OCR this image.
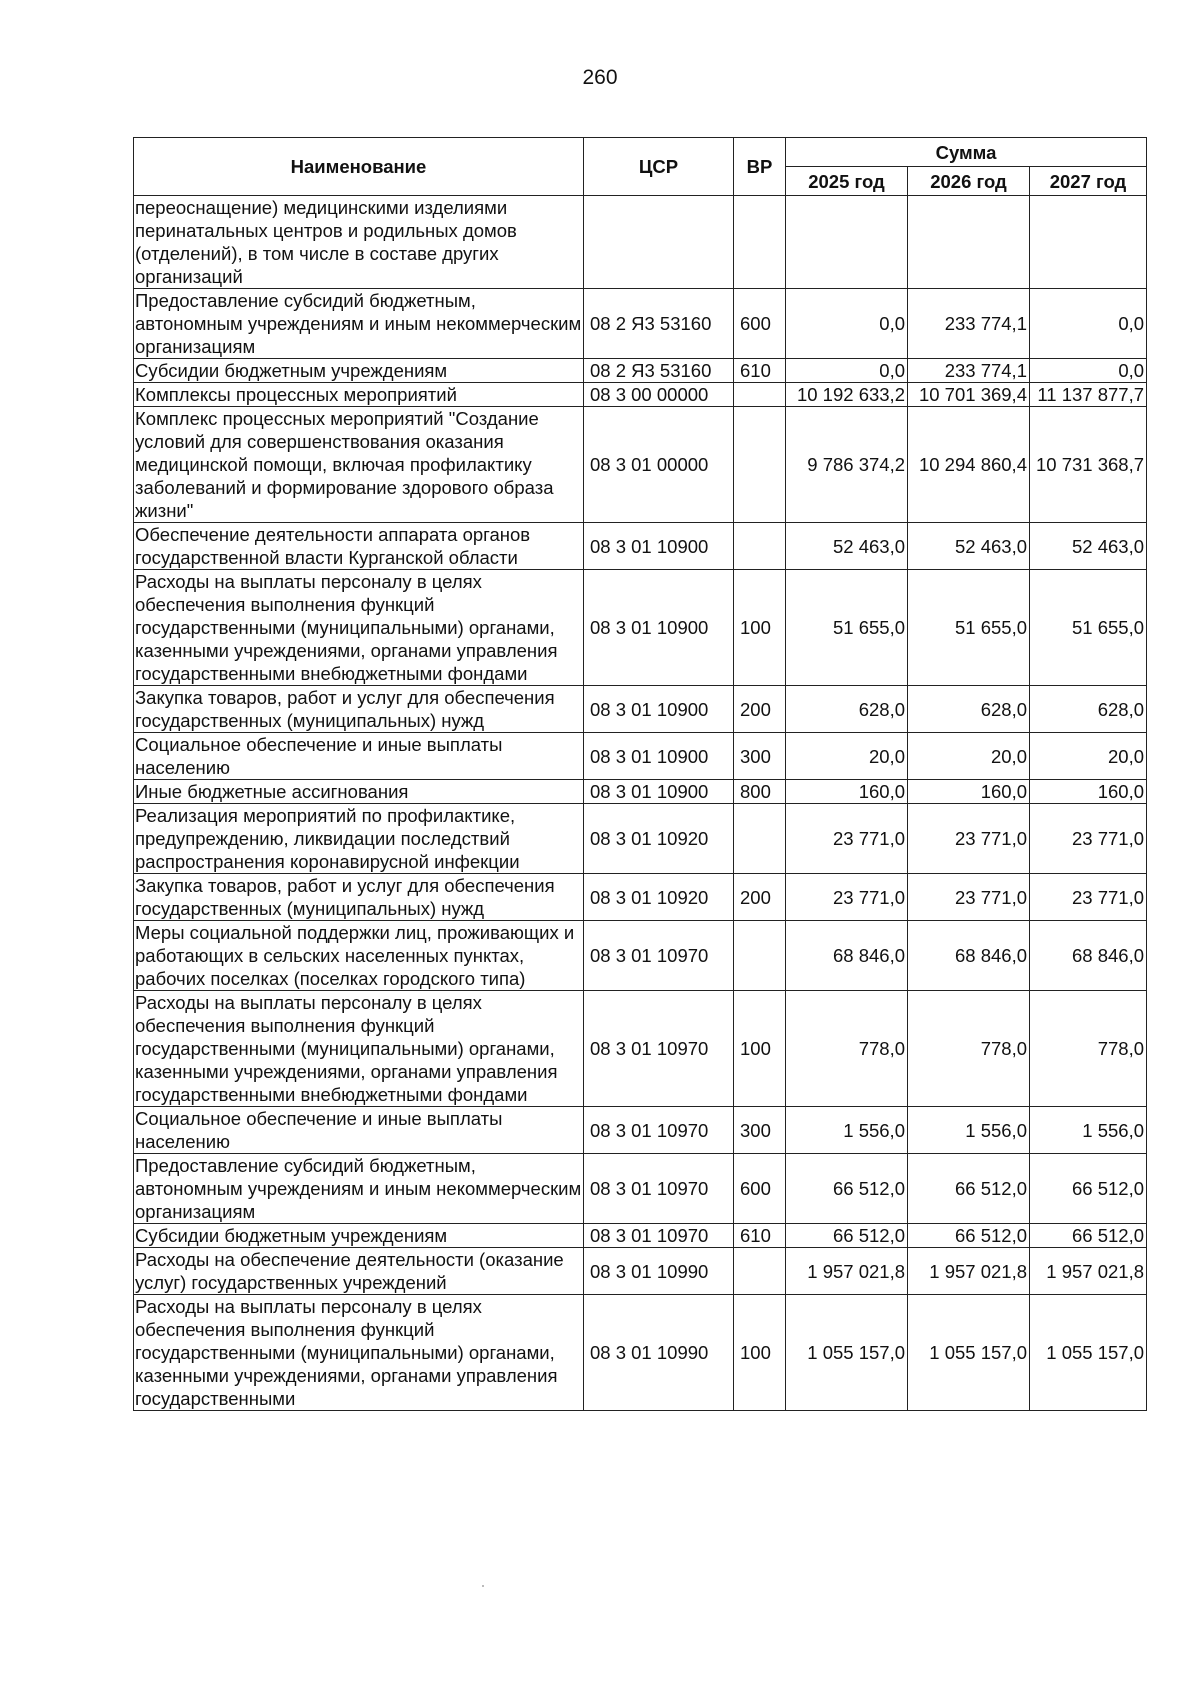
260
Наименование	ЦСР	ВР	Сумма		
			2025 год	2026 год	2027 год
переоснащение) медицинскими изделиями перинатальных центров и родильных домов (отделений), в том числе в составе других организаций					
Предоставление субсидий бюджетным, автономным учреждениям и иным некоммерческим организациям	08 2 Я3 53160	600	0,0	233 774,1	0,0
Субсидии бюджетным учреждениям	08 2 Я3 53160	610	0,0	233 774,1	0,0
Комплексы процессных мероприятий	08 3 00 00000		10 192 633,2	10 701 369,4	11 137 877,7
Комплекс процессных мероприятий "Создание условий для совершенствования оказания медицинской помощи, включая профилактику заболеваний и формирование здорового образа жизни"	08 3 01 00000		9 786 374,2	10 294 860,4	10 731 368,7
Обеспечение деятельности аппарата органов государственной власти Курганской области	08 3 01 10900		52 463,0	52 463,0	52 463,0
Расходы на выплаты персоналу в целях обеспечения выполнения функций государственными (муниципальными) органами, казенными учреждениями, органами управления государственными внебюджетными фондами	08 3 01 10900	100	51 655,0	51 655,0	51 655,0
Закупка товаров, работ и услуг для обеспечения государственных (муниципальных) нужд	08 3 01 10900	200	628,0	628,0	628,0
Социальное обеспечение и иные выплаты населению	08 3 01 10900	300	20,0	20,0	20,0
Иные бюджетные ассигнования	08 3 01 10900	800	160,0	160,0	160,0
Реализация мероприятий по профилактике, предупреждению, ликвидации последствий распространения коронавирусной инфекции	08 3 01 10920		23 771,0	23 771,0	23 771,0
Закупка товаров, работ и услуг для обеспечения государственных (муниципальных) нужд	08 3 01 10920	200	23 771,0	23 771,0	23 771,0
Меры социальной поддержки лиц, проживающих и работающих в сельских населенных пунктах, рабочих поселках (поселках городского типа)	08 3 01 10970		68 846,0	68 846,0	68 846,0
Расходы на выплаты персоналу в целях обеспечения выполнения функций государственными (муниципальными) органами, казенными учреждениями, органами управления государственными внебюджетными фондами	08 3 01 10970	100	778,0	778,0	778,0
Социальное обеспечение и иные выплаты населению	08 3 01 10970	300	1 556,0	1 556,0	1 556,0
Предоставление субсидий бюджетным, автономным учреждениям и иным некоммерческим организациям	08 3 01 10970	600	66 512,0	66 512,0	66 512,0
Субсидии бюджетным учреждениям	08 3 01 10970	610	66 512,0	66 512,0	66 512,0
Расходы на обеспечение деятельности (оказание услуг) государственных учреждений	08 3 01 10990		1 957 021,8	1 957 021,8	1 957 021,8
Расходы на выплаты персоналу в целях обеспечения выполнения функций государственными (муниципальными) органами, казенными учреждениями, органами управления государственными	08 3 01 10990	100	1 055 157,0	1 055 157,0	1 055 157,0
